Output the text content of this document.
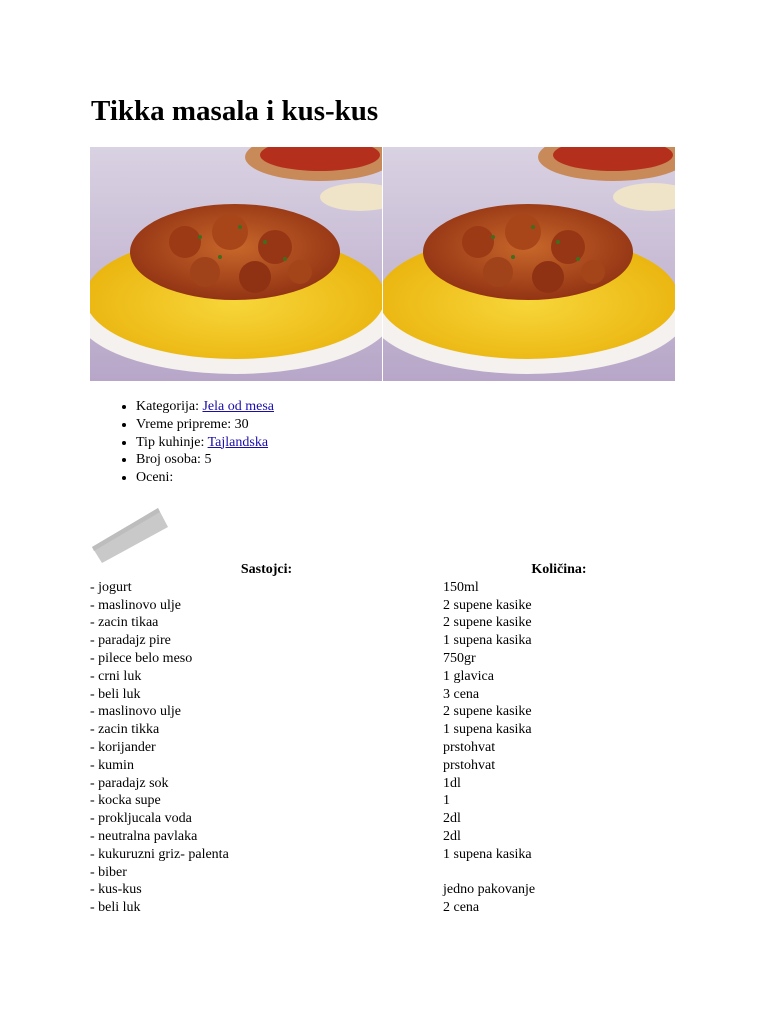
Tikka masala i kus-kus
• Kategorija: Jela od mesa
• Vreme pripreme: 30
• Tip kuhinje: Tajlandska
• Broj osoba: 5
• Oceni:
Sastojci:	Količina:
- jogurt	150ml
- maslinovo ulje	2 supene kasike
- zacin tikaa	2 supene kasike
- paradajz pire	1 supena kasika
- pilece belo meso	750gr
- crni luk	1 glavica
- beli luk	3 cena
- maslinovo ulje	2 supene kasike
- zacin tikka	1 supena kasika
- korijander	prstohvat
- kumin	prstohvat
- paradajz sok	1dl
- kocka supe	1
- prokljucala voda	2dl
- neutralna pavlaka	2dl
- kukuruzni griz- palenta	1 supena kasika
- biber	
- kus-kus	jedno pakovanje
- beli luk	2 cena
